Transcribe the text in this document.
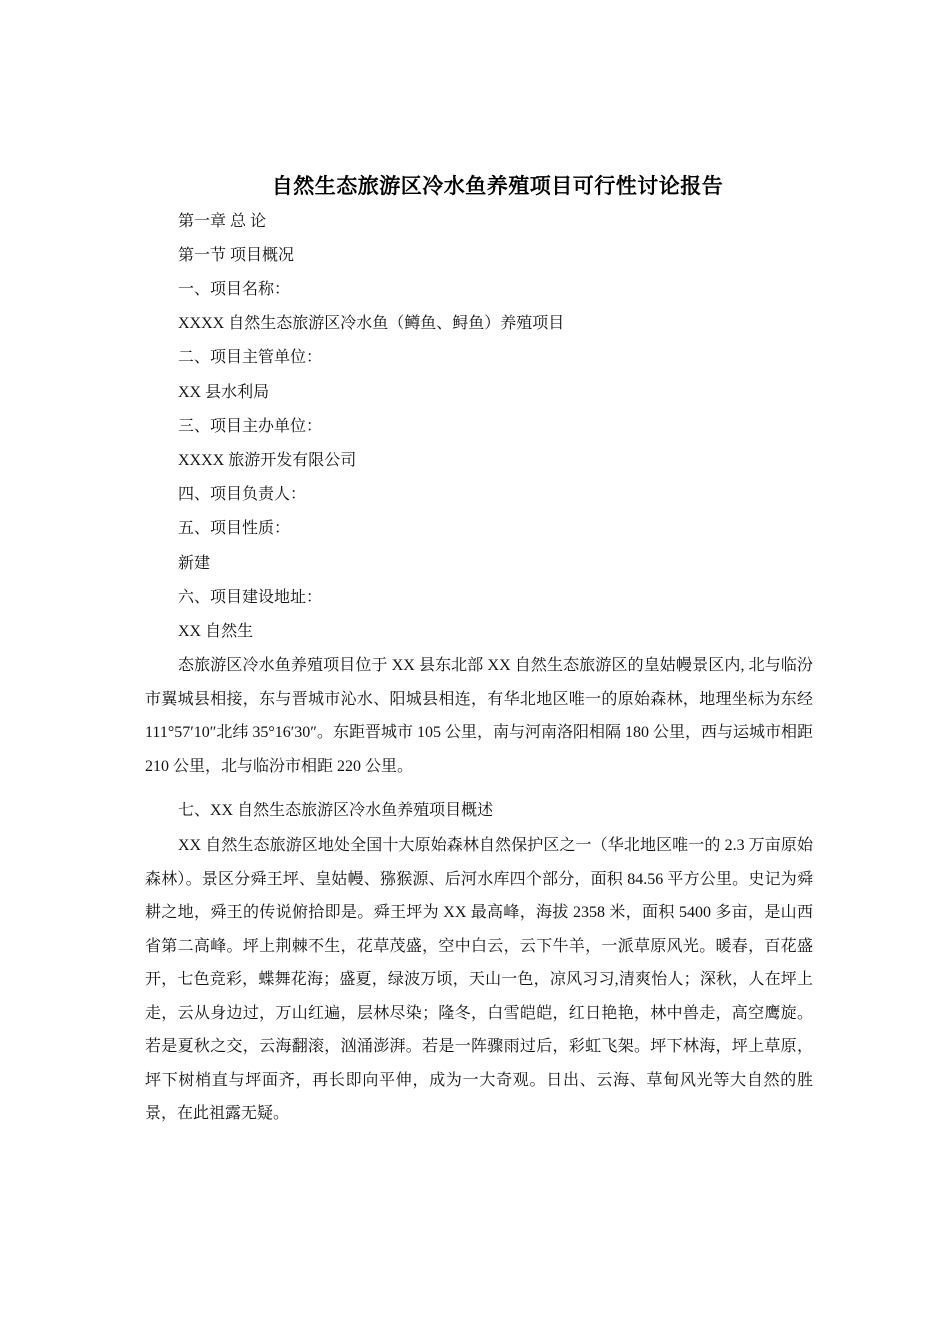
自然生态旅游区冷水鱼养殖项目可行性讨论报告
第一章 总 论
第一节 项目概况
一、项目名称：
XXXX 自然生态旅游区冷水鱼（鳟鱼、鲟鱼）养殖项目
二、项目主管单位：
XX 县水利局
三、项目主办单位：
XXXX 旅游开发有限公司
四、项目负责人：
五、项目性质：
新建
六、项目建设地址：
XX 自然生

态旅游区冷水鱼养殖项目位于 XX 县东北部 XX 自然生态旅游区的皇姑幔景区内, 北与临汾市翼城县相接，东与晋城市沁水、阳城县相连，有华北地区唯一的原始森林，地理坐标为东经 111°57′10″北纬 35°16′30″。东距晋城市 105 公里，南与河南洛阳相隔 180 公里，西与运城市相距 210 公里，北与临汾市相距 220 公里。

七、XX 自然生态旅游区冷水鱼养殖项目概述

XX 自然生态旅游区地处全国十大原始森林自然保护区之一（华北地区唯一的 2.3 万亩原始森林）。景区分舜王坪、皇姑幔、猕猴源、后河水库四个部分，面积 84.56 平方公里。史记为舜耕之地，舜王的传说俯拾即是。舜王坪为 XX 最高峰，海拔 2358 米，面积 5400 多亩，是山西省第二高峰。坪上荆棘不生，花草茂盛，空中白云，云下牛羊，一派草原风光。暖春，百花盛开，七色竞彩，蝶舞花海；盛夏，绿波万顷，天山一色，凉风习习,清爽怡人；深秋，人在坪上走，云从身边过，万山红遍，层林尽染；隆冬，白雪皑皑，红日艳艳，林中兽走，高空鹰旋。若是夏秋之交，云海翻滚，汹涌澎湃。若是一阵骤雨过后，彩虹飞架。坪下林海，坪上草原，坪下树梢直与坪面齐，再长即向平伸，成为一大奇观。日出、云海、草甸风光等大自然的胜景，在此祖露无疑。
